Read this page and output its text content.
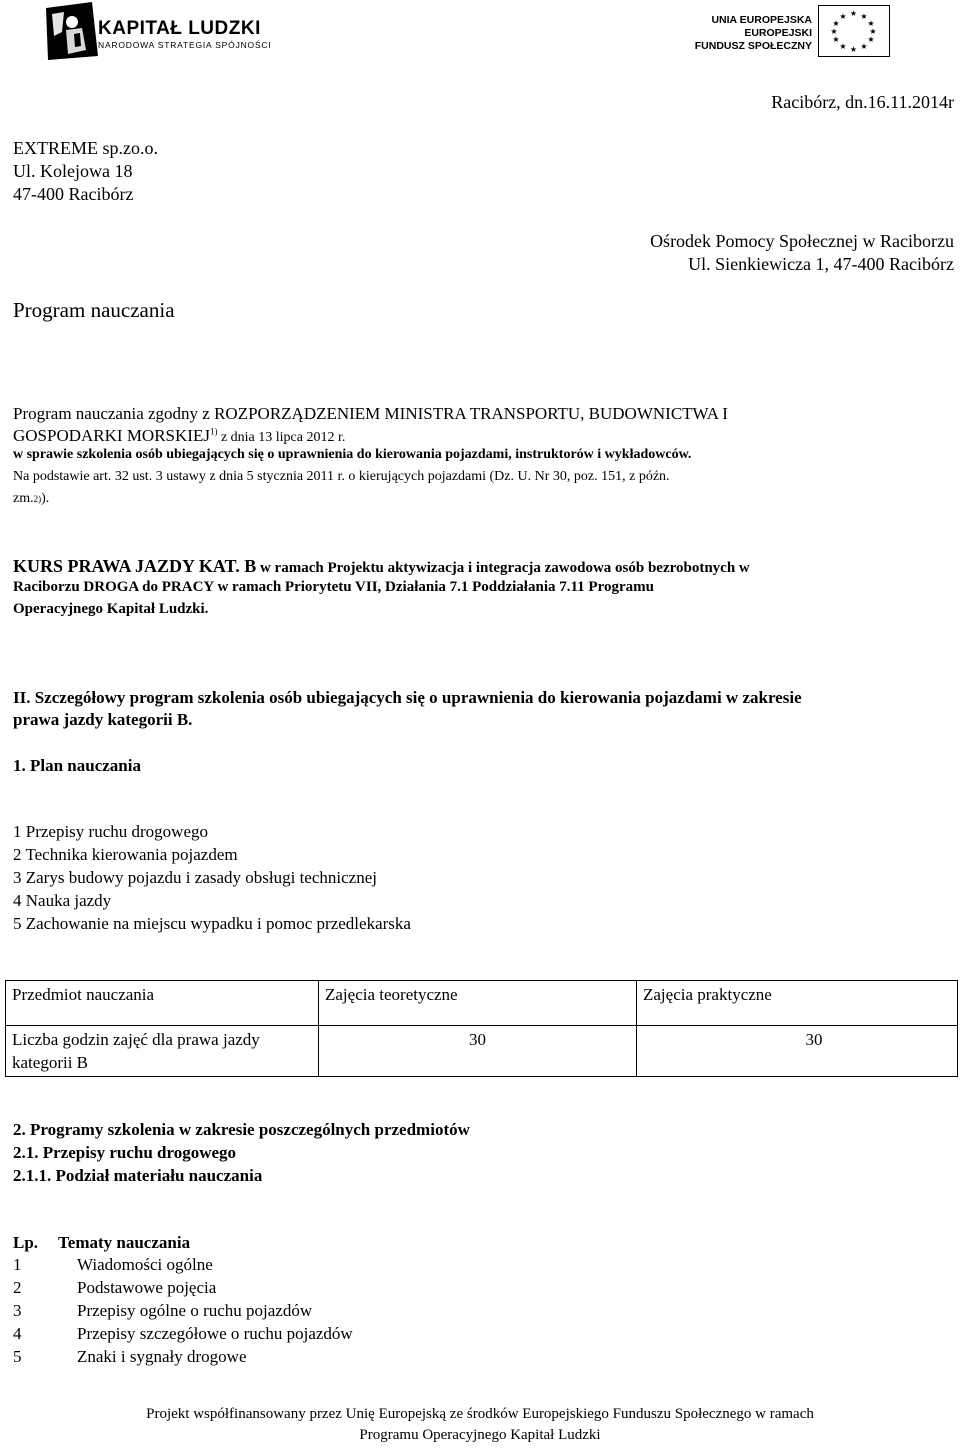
KAPITAŁ LUDZKI
NARODOWA STRATEGIA SPÓJNOŚCI
UNIA EUROPEJSKA
EUROPEJSKI
FUNDUSZ SPOŁECZNY
★ ★
★
★
★
★
★
★
★
★
★
★
Racibórz, dn.16.11.2014r
EXTREME sp.zo.o.
Ul. Kolejowa 18
47-400 Racibórz
Ośrodek Pomocy Społecznej w Raciborzu
Ul. Sienkiewicza 1, 47-400 Racibórz
Program nauczania
Program nauczania zgodny z ROZPORZĄDZENIEM MINISTRA TRANSPORTU, BUDOWNICTWA I
GOSPODARKI MORSKIEJ$^{1)}$ z dnia 13 lipca 2012 r.
w sprawie szkolenia osób ubiegających się o uprawnienia do kierowania pojazdami, instruktorów i wykładowców.
Na podstawie art. 32 ust. 3 ustawy z dnia 5 stycznia 2011 r. o kierujących pojazdami (Dz. U. Nr 30, poz. 151, z późn.
zm.2)).
KURS PRAWA JAZDY KAT. B w ramach Projektu aktywizacja i integracja zawodowa osób bezrobotnych w
Raciborzu DROGA do PRACY w ramach Priorytetu VII, Działania 7.1 Poddziałania 7.11 Programu
Operacyjnego Kapitał Ludzki.
II. Szczegółowy program szkolenia osób ubiegających się o uprawnienia do kierowania pojazdami w zakresie
prawa jazdy kategorii B.
1. Plan nauczania
1 Przepisy ruchu drogowego
2 Technika kierowania pojazdem
3 Zarys budowy pojazdu i zasady obsługi technicznej
4 Nauka jazdy
5 Zachowanie na miejscu wypadku i pomoc przedlekarska
Przedmiot nauczania	Zajęcia teoretyczne	Zajęcia praktyczne

Liczba godzin zajęć dla prawa jazdy
kategorii B	30	30
2. Programy szkolenia w zakresie poszczególnych przedmiotów
2.1. Przepisy ruchu drogowego
2.1.1. Podział materiału nauczania
Lp. Tematy nauczania
1	Wiadomości ogólne
2	Podstawowe pojęcia
3	Przepisy ogólne o ruchu pojazdów
4	Przepisy szczegółowe o ruchu pojazdów
5	Znaki i sygnały drogowe
Projekt współfinansowany przez Unię Europejską ze środków Europejskiego Funduszu Społecznego w ramach
Programu Operacyjnego Kapitał Ludzki
